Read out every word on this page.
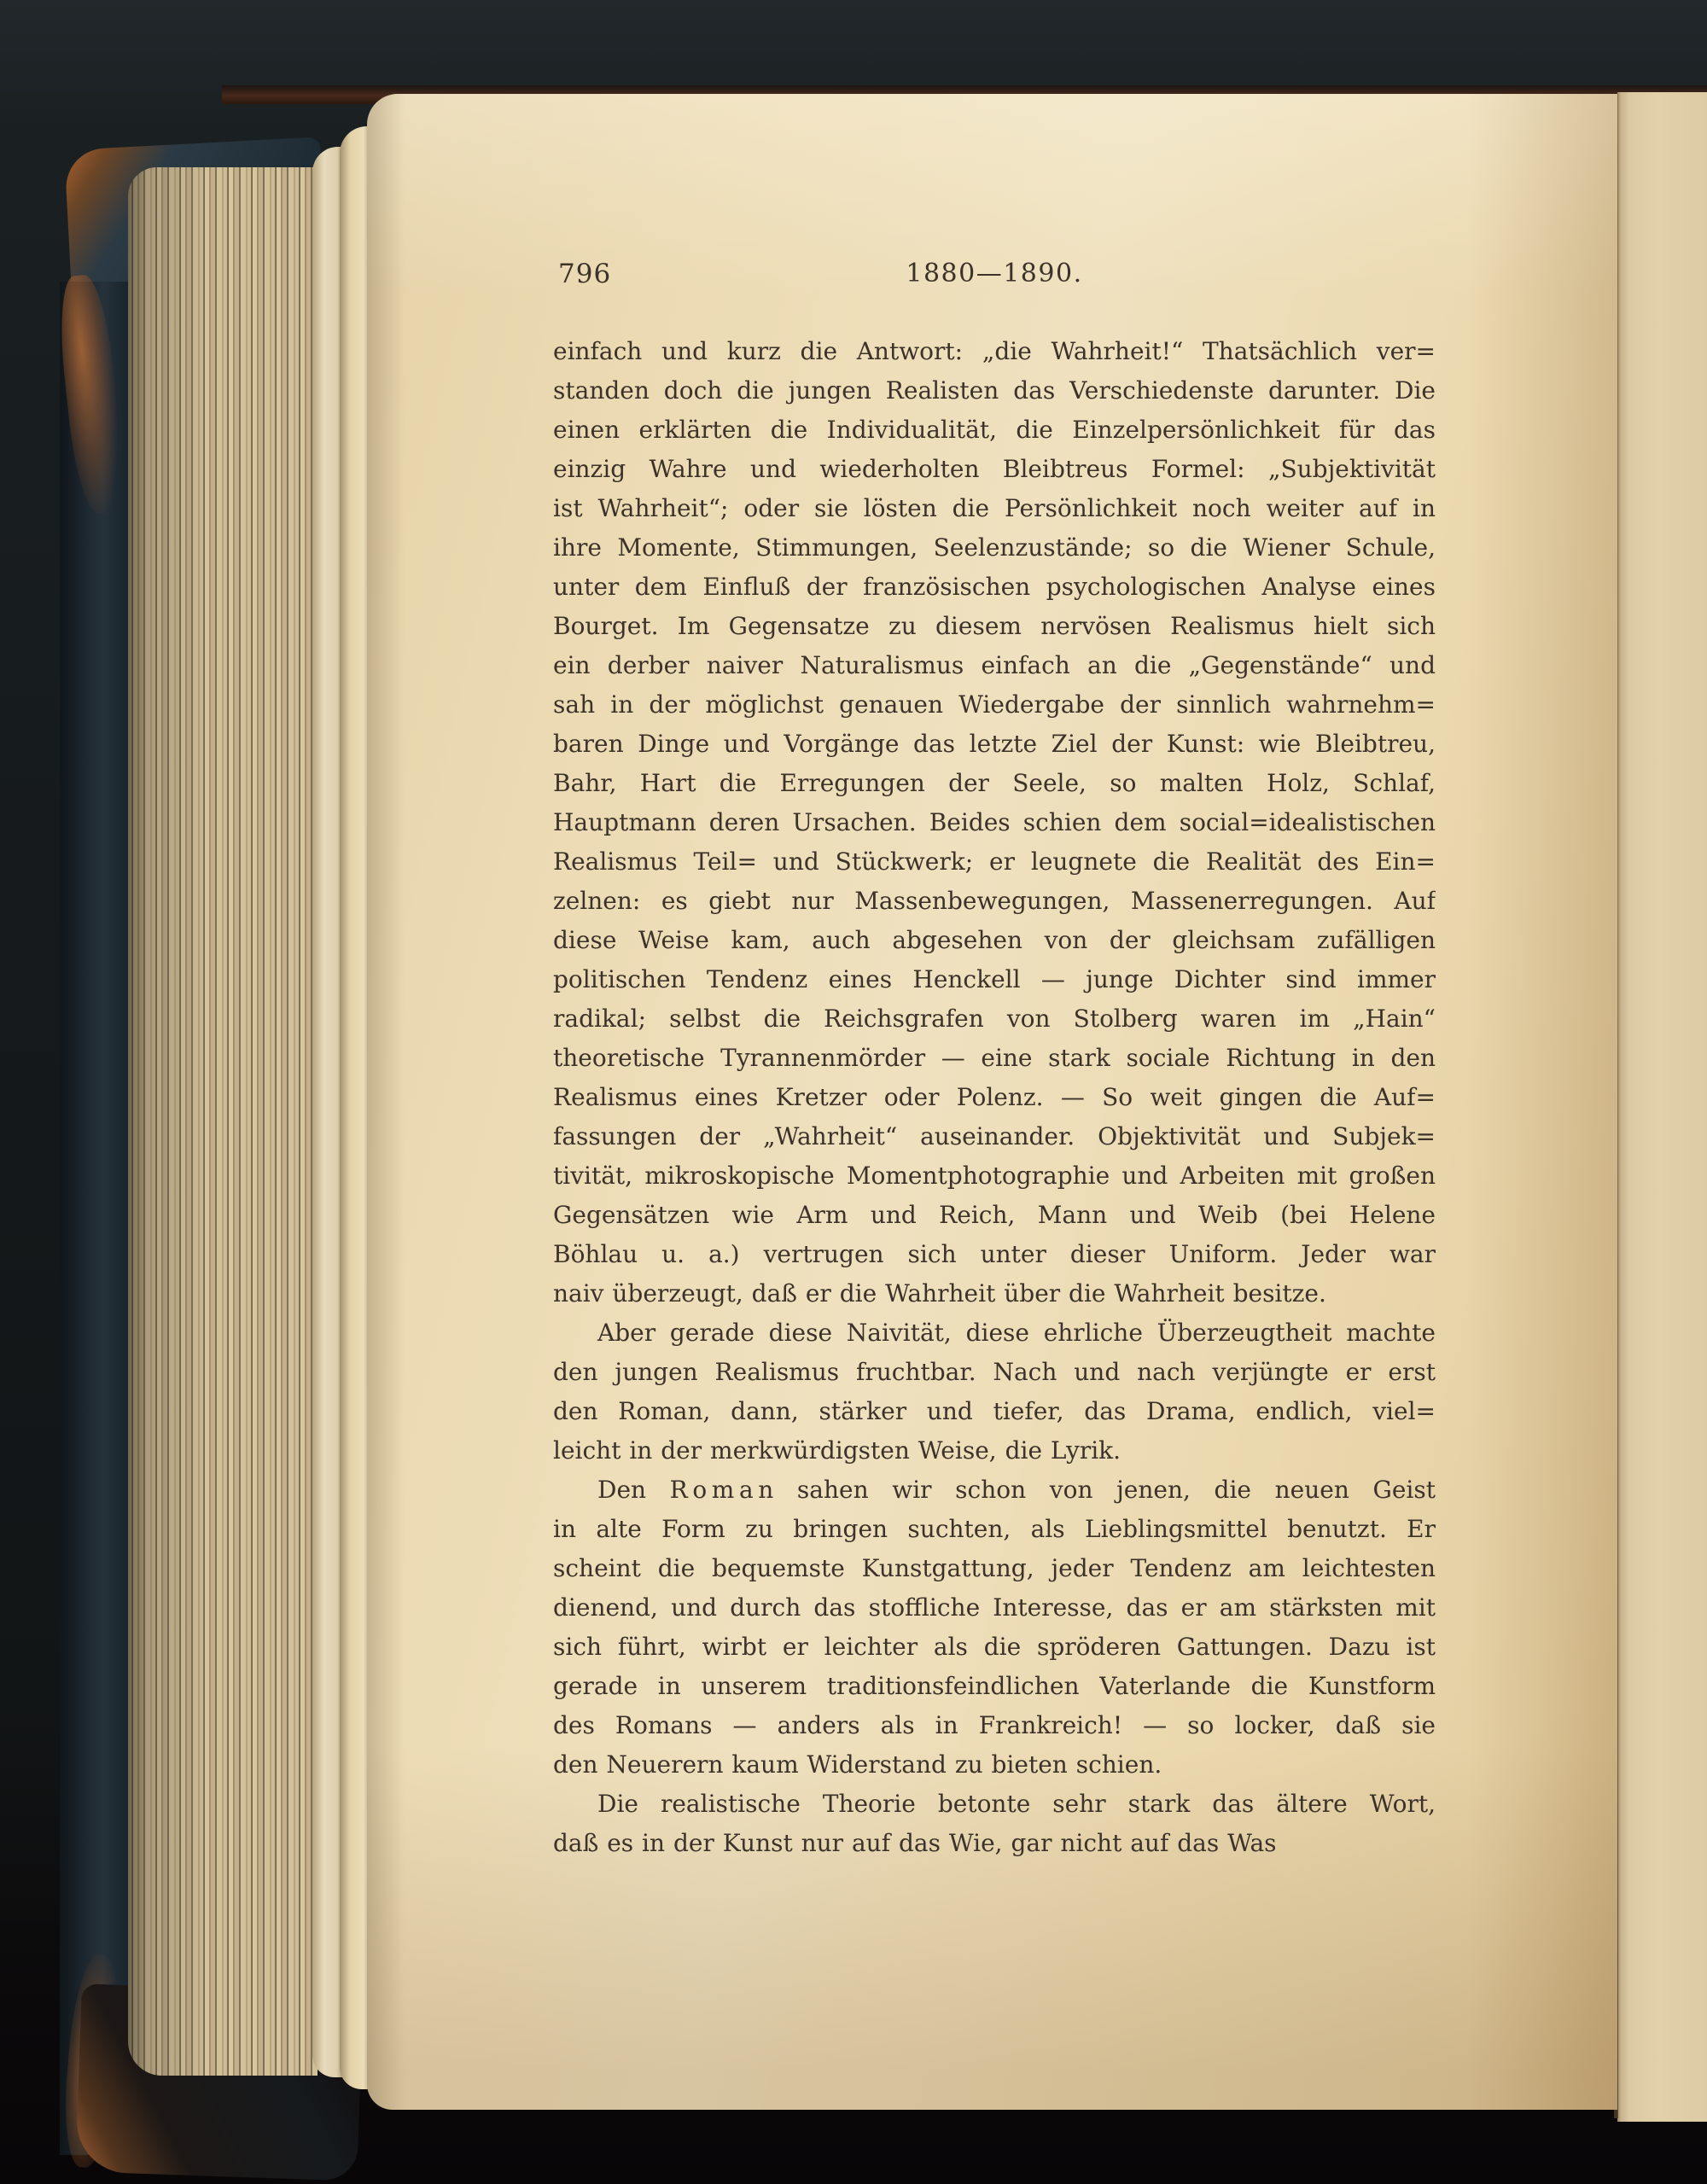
796	1880—1890.
einfach und kurz die Antwort: „die Wahrheit!“ Thatsächlich ver=
standen doch die jungen Realisten das Verschiedenste darunter. Die
einen erklärten die Individualität, die Einzelpersönlichkeit für das
einzig Wahre und wiederholten Bleibtreus Formel: „Subjektivität
ist Wahrheit“; oder sie lösten die Persönlichkeit noch weiter auf in
ihre Momente, Stimmungen, Seelenzustände; so die Wiener Schule,
unter dem Einfluß der französischen psychologischen Analyse eines
Bourget. Im Gegensatze zu diesem nervösen Realismus hielt sich
ein derber naiver Naturalismus einfach an die „Gegenstände“ und
sah in der möglichst genauen Wiedergabe der sinnlich wahrnehm=
baren Dinge und Vorgänge das letzte Ziel der Kunst: wie Bleibtreu,
Bahr, Hart die Erregungen der Seele, so malten Holz, Schlaf,
Hauptmann deren Ursachen. Beides schien dem social=idealistischen
Realismus Teil= und Stückwerk; er leugnete die Realität des Ein=
zelnen: es giebt nur Massenbewegungen, Massenerregungen. Auf
diese Weise kam, auch abgesehen von der gleichsam zufälligen
politischen Tendenz eines Henckell — junge Dichter sind immer
radikal; selbst die Reichsgrafen von Stolberg waren im „Hain“
theoretische Tyrannenmörder — eine stark sociale Richtung in den
Realismus eines Kretzer oder Polenz. — So weit gingen die Auf=
fassungen der „Wahrheit“ auseinander. Objektivität und Subjek=
tivität, mikroskopische Momentphotographie und Arbeiten mit großen
Gegensätzen wie Arm und Reich, Mann und Weib (bei Helene
Böhlau u. a.) vertrugen sich unter dieser Uniform. Jeder war
naiv überzeugt, daß er die Wahrheit über die Wahrheit besitze.
Aber gerade diese Naivität, diese ehrliche Überzeugtheit machte
den jungen Realismus fruchtbar. Nach und nach verjüngte er erst
den Roman, dann, stärker und tiefer, das Drama, endlich, viel=
leicht in der merkwürdigsten Weise, die Lyrik.
Den R o m a n sahen wir schon von jenen, die neuen Geist
in alte Form zu bringen suchten, als Lieblingsmittel benutzt. Er
scheint die bequemste Kunstgattung, jeder Tendenz am leichtesten
dienend, und durch das stoffliche Interesse, das er am stärksten mit
sich führt, wirbt er leichter als die spröderen Gattungen. Dazu ist
gerade in unserem traditionsfeindlichen Vaterlande die Kunstform
des Romans — anders als in Frankreich! — so locker, daß sie
den Neuerern kaum Widerstand zu bieten schien.
Die realistische Theorie betonte sehr stark das ältere Wort,
daß es in der Kunst nur auf das Wie, gar nicht auf das Was
